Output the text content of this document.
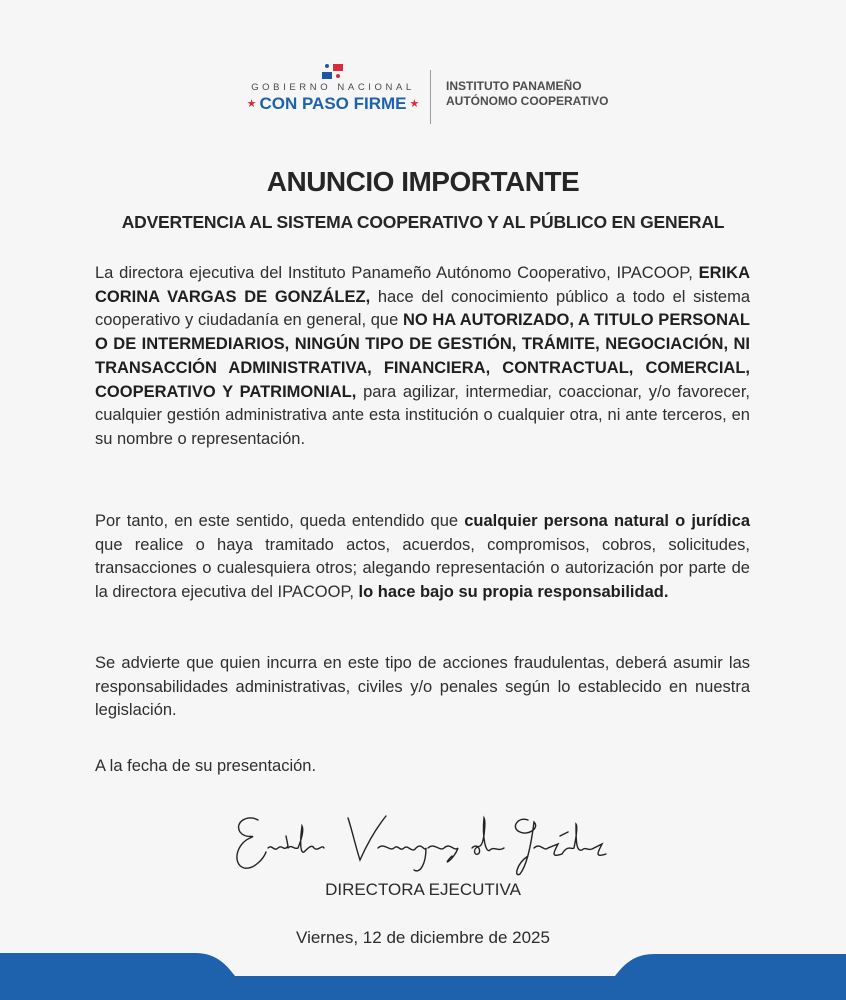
GOBIERNO NACIONAL
★ CON PASO FIRME ★
INSTITUTO PANAMEÑO
AUTÓNOMO COOPERATIVO
ANUNCIO IMPORTANTE
ADVERTENCIA AL SISTEMA COOPERATIVO Y AL PÚBLICO EN GENERAL
La directora ejecutiva del Instituto Panameño Autónomo Cooperativo, IPACOOP, ERIKA CORINA VARGAS DE GONZÁLEZ, hace del conocimiento público a todo el sistema cooperativo y ciudadanía en general, que NO HA AUTORIZADO, A TITULO PERSONAL O DE INTERMEDIARIOS, NINGÚN TIPO DE GESTIÓN, TRÁMITE, NEGOCIACIÓN, NI TRANSACCIÓN ADMINISTRATIVA, FINANCIERA, CONTRACTUAL, COMERCIAL, COOPERATIVO Y PATRIMONIAL, para agilizar, intermediar, coaccionar, y/o favorecer, cualquier gestión administrativa ante esta institución o cualquier otra, ni ante terceros, en su nombre o representación.
Por tanto, en este sentido, queda entendido que cualquier persona natural o jurídica que realice o haya tramitado actos, acuerdos, compromisos, cobros, solicitudes, transacciones o cualesquiera otros; alegando representación o autorización por parte de la directora ejecutiva del IPACOOP, lo hace bajo su propia responsabilidad.
Se advierte que quien incurra en este tipo de acciones fraudulentas, deberá asumir las responsabilidades administrativas, civiles y/o penales según lo establecido en nuestra legislación.
A la fecha de su presentación.
DIRECTORA EJECUTIVA
Viernes, 12 de diciembre de 2025
